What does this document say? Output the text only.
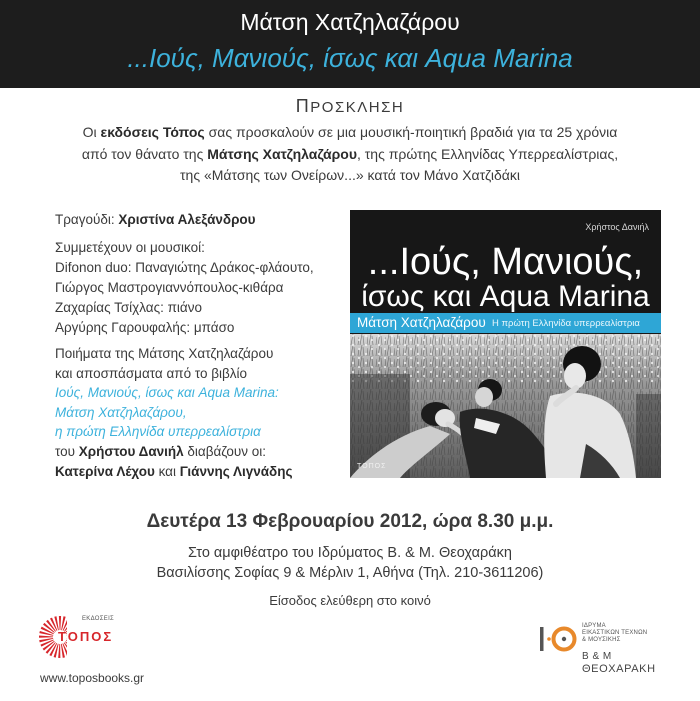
Μάτση Χατζηλαζάρου
...Ιούς, Μανιούς, ίσως και Aqua Marina
ΠΡΟΣΚΛΗΣΗ
Οι εκδόσεις Τόπος σας προσκαλούν σε μια μουσική-ποιητική βραδιά για τα 25 χρόνια
από τον θάνατο της Μάτσης Χατζηλαζάρου, της πρώτης Ελληνίδας Υπερρεαλίστριας,
της «Μάτσης των Ονείρων...» κατά τον Μάνο Χατζιδάκι
Τραγούδι: Χριστίνα Αλεξάνδρου
Συμμετέχουν οι μουσικοί:
Difonon duo: Παναγιώτης Δράκος-φλάουτο,
Γιώργος Μαστρογιαννόπουλος-κιθάρα
Ζαχαρίας Τσίχλας: πιάνο
Αργύρης Γαρουφαλής: μπάσο
Ποιήματα της Μάτσης Χατζηλαζάρου
και αποσπάσματα από το βιβλίο
Ιούς, Μανιούς, ίσως και Aqua Marina:
Μάτση Χατζηλαζάρου,
η πρώτη Ελληνίδα υπερρεαλίστρια
του Χρήστου Δανιήλ διαβάζουν οι:
Κατερίνα Λέχου και Γιάννης Λιγνάδης
Χρήστος Δανιήλ
...Ιούς, Μανιούς,
ίσως και Aqua Marina
Μάτση Χατζηλαζάρου Η πρώτη Ελληνίδα υπερρεαλίστρια
ΤΟΠΟΣ
Δευτέρα 13 Φεβρουαρίου 2012, ώρα 8.30 μ.μ.
Στο αμφιθέατρο του Ιδρύματος Β. & Μ. Θεοχαράκη
Βασιλίσσης Σοφίας 9 & Μέρλιν 1, Αθήνα (Τηλ. 210-3611206)
Είσοδος ελεύθερη στο κοινό
ΕΚΔΟΣΕΙΣ
ΤΟΠΟΣ
www.toposbooks.gr
ΙΔΡΥΜΑ
ΕΙΚΑΣΤΙΚΩΝ ΤΕΧΝΩΝ
& ΜΟΥΣΙΚΗΣ
Β & Μ
ΘΕΟΧΑΡΑΚΗ
